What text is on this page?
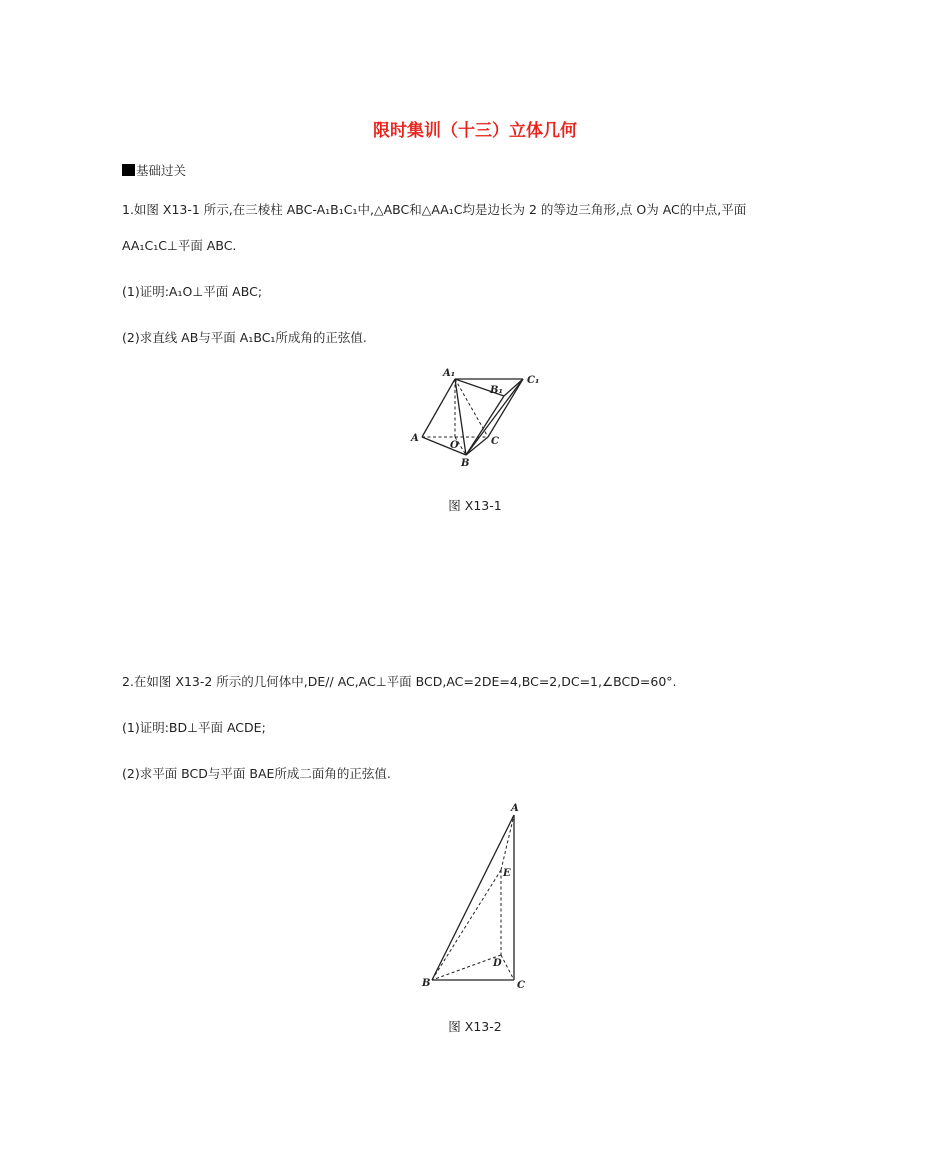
限时集训（十三）立体几何
基础过关
1.如图 X13-1 所示,在三棱柱 ABC-A₁B₁C₁中,△ABC和△AA₁C均是边长为 2 的等边三角形,点 O为 AC的中点,平面
AA₁C₁C⊥平面 ABC.
(1)证明:A₁O⊥平面 ABC;
(2)求直线 AB与平面 A₁BC₁所成角的正弦值.
A₁
C₁
B₁
A
O	C
B
A
E
D
B	C
图 X13-1
2.在如图 X13-2 所示的几何体中,DE// AC,AC⊥平面 BCD,AC=2DE=4,BC=2,DC=1,∠BCD=60°.
(1)证明:BD⊥平面 ACDE;
(2)求平面 BCD与平面 BAE所成二面角的正弦值.
图 X13-2
